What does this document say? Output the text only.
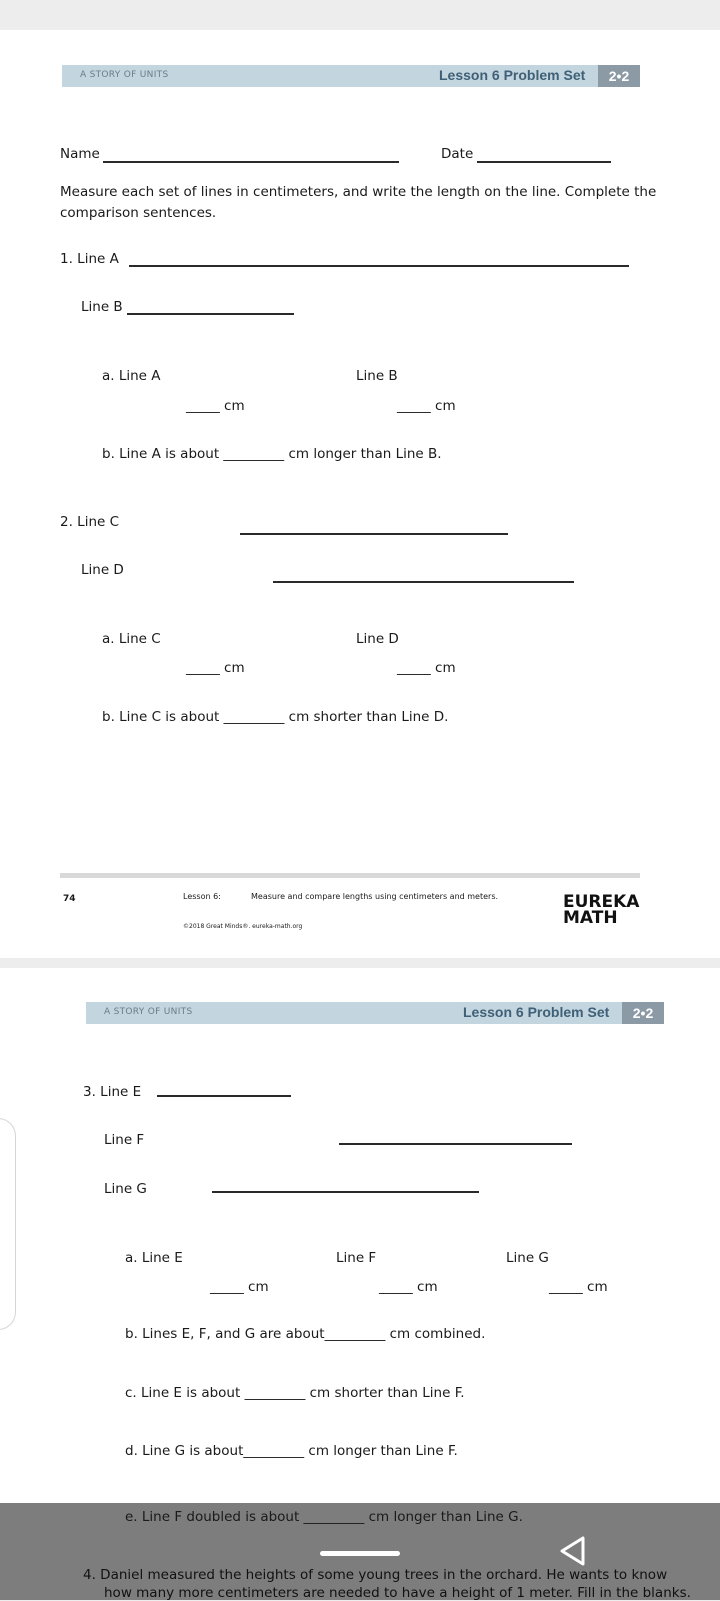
A STORY OF UNITS	Lesson 6 Problem Set	2•2
Name	Date
Measure each set of lines in centimeters, and write the length on the line. Complete the
comparison sentences.
1. Line A
Line B
a. Line A	Line B
_____ cm	_____ cm
b. Line A is about _________ cm longer than Line B.
2. Line C
Line D
a. Line C	Line D
_____ cm	_____ cm
b. Line C is about _________ cm shorter than Line D.
74	Lesson 6:	Measure and compare lengths using centimeters and meters.
©2018 Great Minds®. eureka-math.org
EUREKA
MATH
A STORY OF UNITS	Lesson 6 Problem Set	2•2
3. Line E
Line F
Line G
a. Line E	Line F	Line G
_____ cm	_____ cm	_____ cm
b. Lines E, F, and G are about_________ cm combined.
c. Line E is about _________ cm shorter than Line F.
d. Line G is about_________ cm longer than Line F.
e. Line F doubled is about _________ cm longer than Line G.
4. Daniel measured the heights of some young trees in the orchard. He wants to know
how many more centimeters are needed to have a height of 1 meter. Fill in the blanks.
